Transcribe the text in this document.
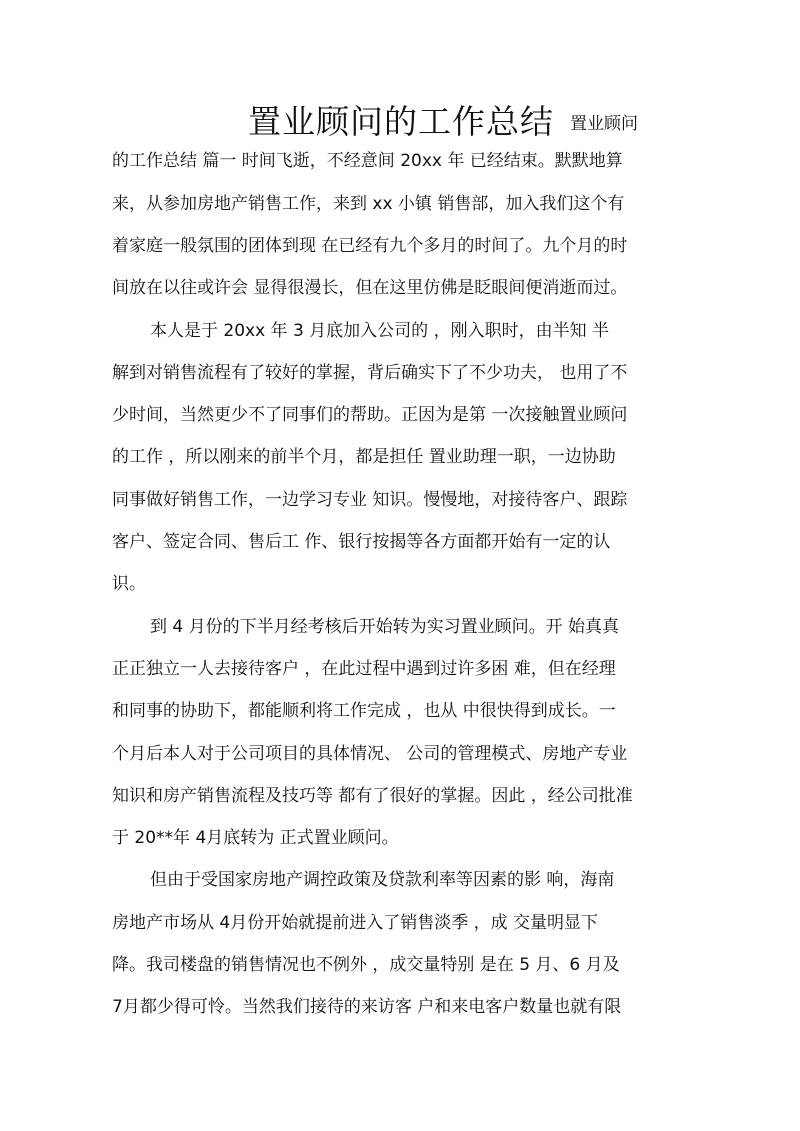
置业顾问的工作总结 置业顾问
的工作总结 篇一 时间飞逝，不经意间 20xx 年 已经结束。默默地算
来，从参加房地产销售工作，来到 xx 小镇 销售部，加入我们这个有
着家庭一般氛围的团体到现 在已经有九个多月的时间了。九个月的时
间放在以往或许会 显得很漫长，但在这里仿佛是眨眼间便消逝而过。
本人是于 20xx 年 3 月底加入公司的 ，刚入职时，由半知 半
解到对销售流程有了较好的掌握，背后确实下了不少功夫， 也用了不
少时间，当然更少不了同事们的帮助。正因为是第 一次接触置业顾问
的工作 ，所以刚来的前半个月，都是担任 置业助理一职，一边协助
同事做好销售工作，一边学习专业 知识。慢慢地，对接待客户、跟踪
客户、签定合同、售后工 作、银行按揭等各方面都开始有一定的认
识。
到 4 月份的下半月经考核后开始转为实习置业顾问。开 始真真
正正独立一人去接待客户 ，在此过程中遇到过许多困 难，但在经理
和同事的协助下，都能顺利将工作完成 ，也从 中很快得到成长。一
个月后本人对于公司项目的具体情况、 公司的管理模式、房地产专业
知识和房产销售流程及技巧等 都有了很好的掌握。因此 ，经公司批准
于 20**年 4月底转为 正式置业顾问。
但由于受国家房地产调控政策及贷款利率等因素的影 响，海南
房地产市场从 4月份开始就提前进入了销售淡季 ，成 交量明显下
降。我司楼盘的销售情况也不例外 ，成交量特别 是在 5 月、6 月及
7月都少得可怜。当然我们接待的来访客 户和来电客户数量也就有限
